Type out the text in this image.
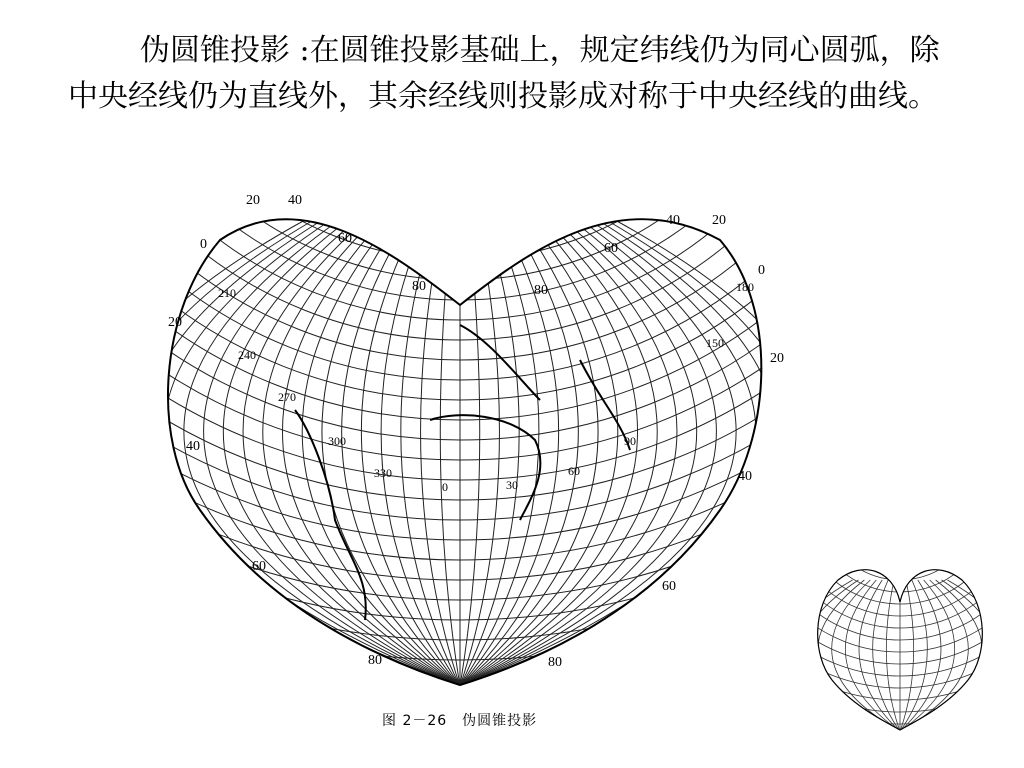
伪圆锥投影 :在圆锥投影基础上，规定纬线仍为同心圆弧，除中央经线仍为直线外，其余经线则投影成对称于中央经线的曲线。

20 40
0	60
20
40
60
80
80	80
60
40 20
0
20
40
60
80
210
240
270
300
330
0	30
60
90
150
180
图 2－26　伪圆锥投影
